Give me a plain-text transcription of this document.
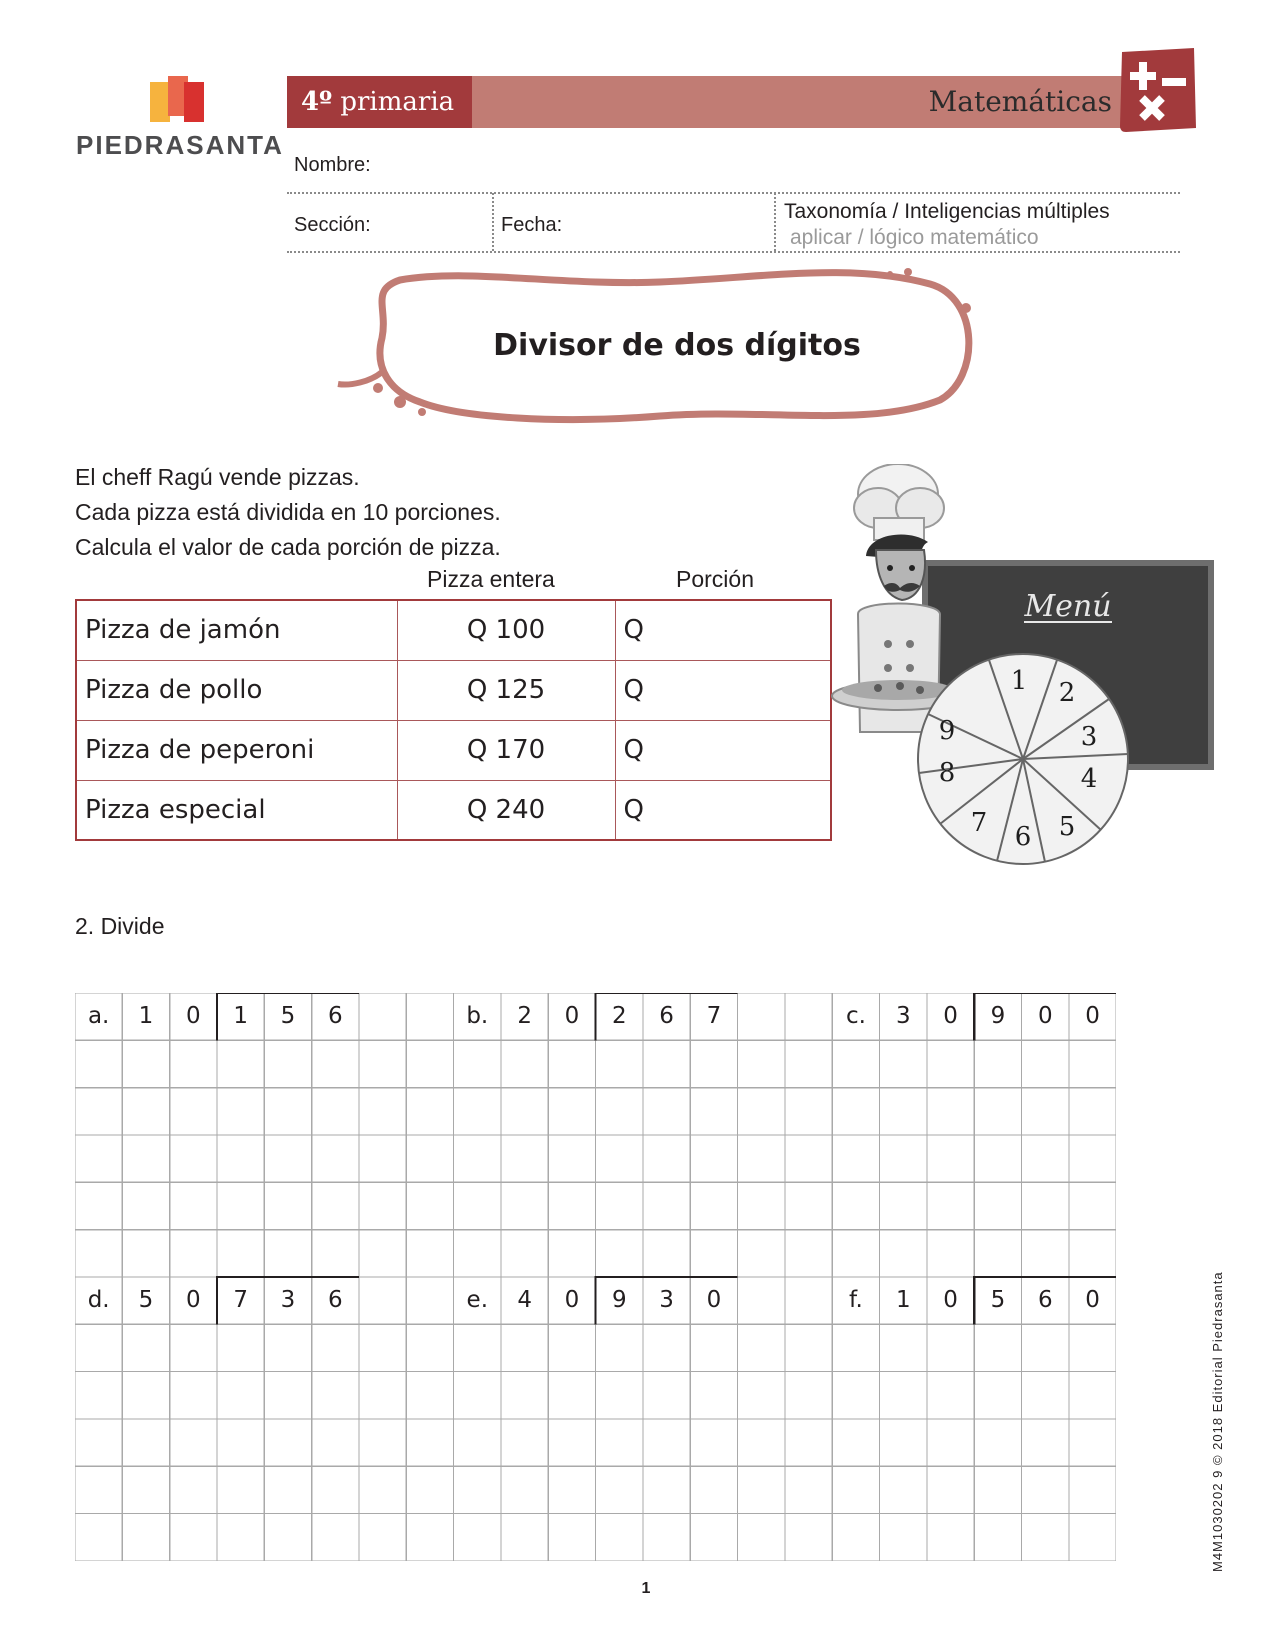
PIEDRASANTA
4º primaria	Matemáticas
Nombre:
Sección:	Fecha:
Taxonomía / Inteligencias múltiples
aplicar / lógico matemático
Divisor de dos dígitos
El cheff Ragú vende pizzas.
Cada pizza está dividida en 10 porciones.
Calcula el valor de cada porción de pizza.
Pizza entera	Porción
Pizza de jamón	Q 100	Q
Pizza de pollo	Q 125	Q
Pizza de peperoni	Q 170	Q
Pizza especial	Q 240	Q
Menú
1 2
3
4
5
6
7
8
9
2. Divide
a.	1	0	1	5	6	b.	2	0	2	6	7	c.	3	0	9	0	0
d.	5	0	7	3	6	e.	4	0	9	3	0	f.	1	0	5	6	0
1
M4M1030202 9 © 2018 Editorial Piedrasanta
